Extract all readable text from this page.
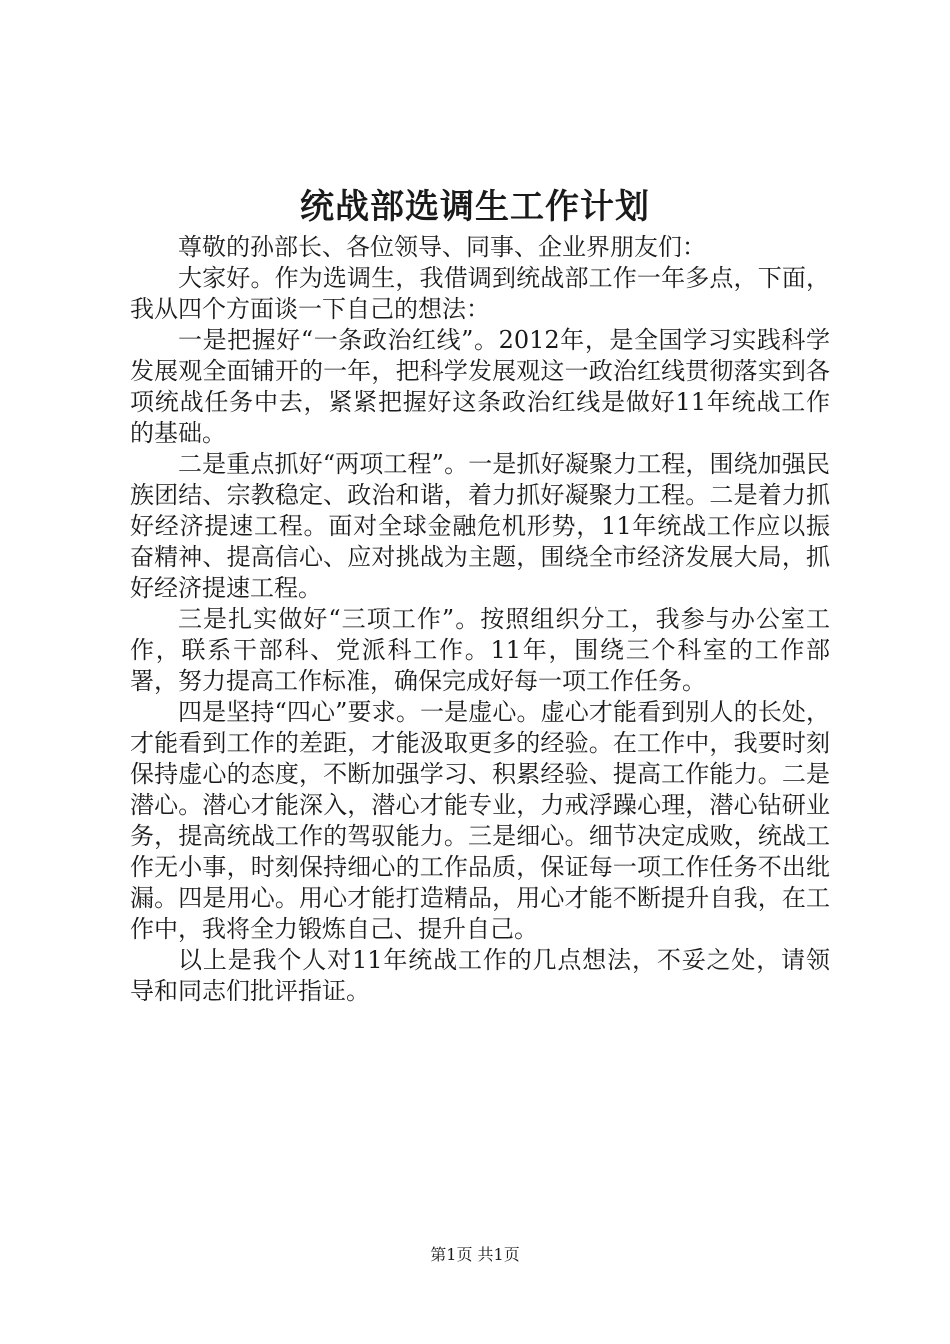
统战部选调生工作计划

尊敬的孙部长、各位领导、同事、企业界朋友们：

大家好。作为选调生，我借调到统战部工作一年多点，下面，我从四个方面谈一下自己的想法：

一是把握好“一条政治红线”。2012年，是全国学习实践科学发展观全面铺开的一年，把科学发展观这一政治红线贯彻落实到各项统战任务中去，紧紧把握好这条政治红线是做好11年统战工作的基础。

二是重点抓好“两项工程”。一是抓好凝聚力工程，围绕加强民族团结、宗教稳定、政治和谐，着力抓好凝聚力工程。二是着力抓好经济提速工程。面对全球金融危机形势，11年统战工作应以振奋精神、提高信心、应对挑战为主题，围绕全市经济发展大局，抓好经济提速工程。

三是扎实做好“三项工作”。按照组织分工，我参与办公室工作，联系干部科、党派科工作。11年，围绕三个科室的工作部署，努力提高工作标准，确保完成好每一项工作任务。

四是坚持“四心”要求。一是虚心。虚心才能看到别人的长处，才能看到工作的差距，才能汲取更多的经验。在工作中，我要时刻保持虚心的态度，不断加强学习、积累经验、提高工作能力。二是潜心。潜心才能深入，潜心才能专业，力戒浮躁心理，潜心钻研业务，提高统战工作的驾驭能力。三是细心。细节决定成败，统战工作无小事，时刻保持细心的工作品质，保证每一项工作任务不出纰漏。四是用心。用心才能打造精品，用心才能不断提升自我，在工作中，我将全力锻炼自己、提升自己。

以上是我个人对11年统战工作的几点想法，不妥之处，请领导和同志们批评指证。

第1页 共1页
